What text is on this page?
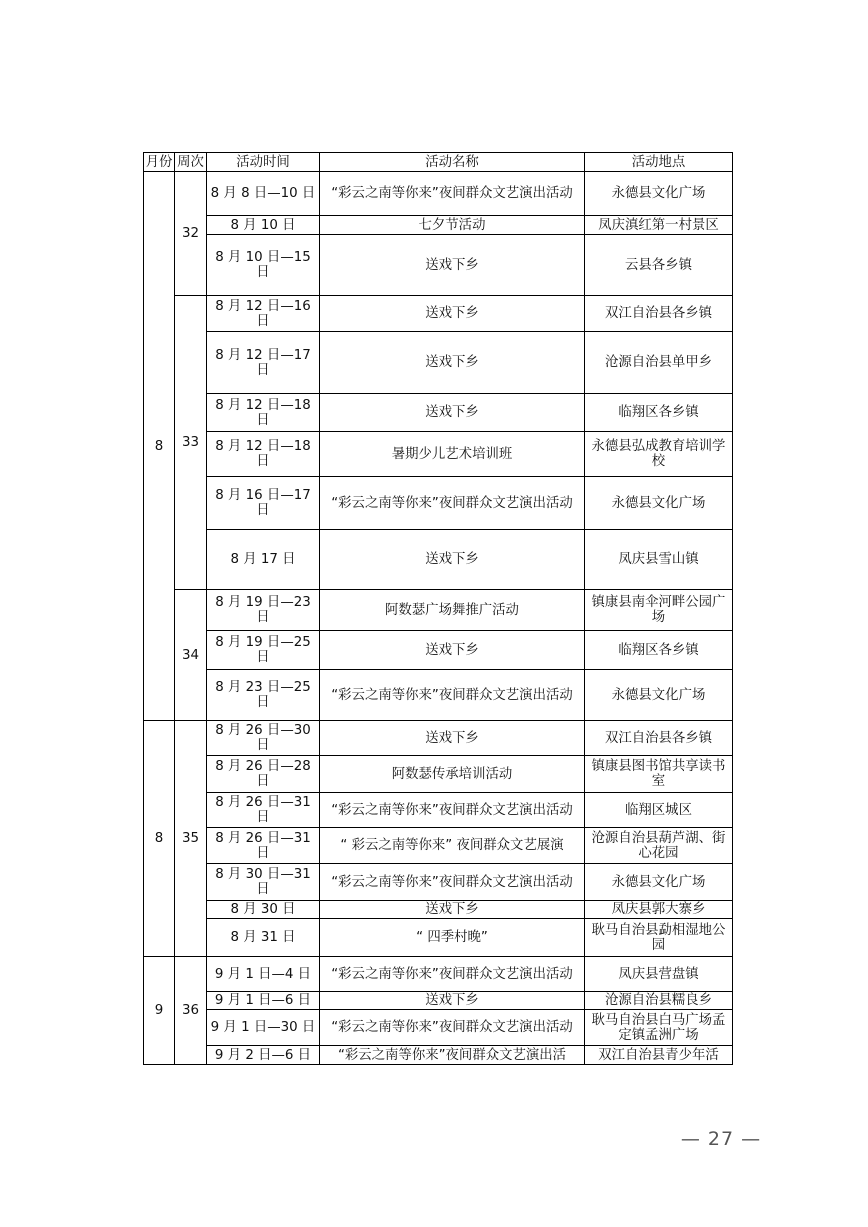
月份	周次	活动时间	活动名称	活动地点
8	32	8 月 8 日—10 日	“彩云之南等你来”夜间群众文艺演出活动	永德县文化广场
		8 月 10 日	七夕节活动	凤庆滇红第一村景区
		8 月 10 日—15 日	送戏下乡	云县各乡镇
	33	8 月 12 日—16 日	送戏下乡	双江自治县各乡镇
		8 月 12 日—17 日	送戏下乡	沧源自治县单甲乡
		8 月 12 日—18 日	送戏下乡	临翔区各乡镇
		8 月 12 日—18 日	暑期少儿艺术培训班	永德县弘成教育培训学校
		8 月 16 日—17 日	“彩云之南等你来”夜间群众文艺演出活动	永德县文化广场
		8 月 17 日	送戏下乡	凤庆县雪山镇
	34	8 月 19 日—23 日	阿数瑟广场舞推广活动	镇康县南伞河畔公园广场
		8 月 19 日—25 日	送戏下乡	临翔区各乡镇
		8 月 23 日—25 日	“彩云之南等你来”夜间群众文艺演出活动	永德县文化广场
8	35	8 月 26 日—30 日	送戏下乡	双江自治县各乡镇
		8 月 26 日—28 日	阿数瑟传承培训活动	镇康县图书馆共享读书室
		8 月 26 日—31 日	“彩云之南等你来”夜间群众文艺演出活动	临翔区城区
		8 月 26 日—31 日	“ 彩云之南等你来” 夜间群众文艺展演	沧源自治县葫芦湖、街心花园
		8 月 30 日—31 日	“彩云之南等你来”夜间群众文艺演出活动	永德县文化广场
		8 月 30 日	送戏下乡	凤庆县郭大寨乡
		8 月 31 日	“ 四季村晚”	耿马自治县勐相湿地公园
9	36	9 月 1 日—4 日	“彩云之南等你来”夜间群众文艺演出活动	凤庆县营盘镇
		9 月 1 日—6 日	送戏下乡	沧源自治县糯良乡
		9 月 1 日—30 日	“彩云之南等你来”夜间群众文艺演出活动	耿马自治县白马广场孟定镇孟洲广场
		9 月 2 日—6 日	“彩云之南等你来”夜间群众文艺演出活	双江自治县青少年活
— 27 —
